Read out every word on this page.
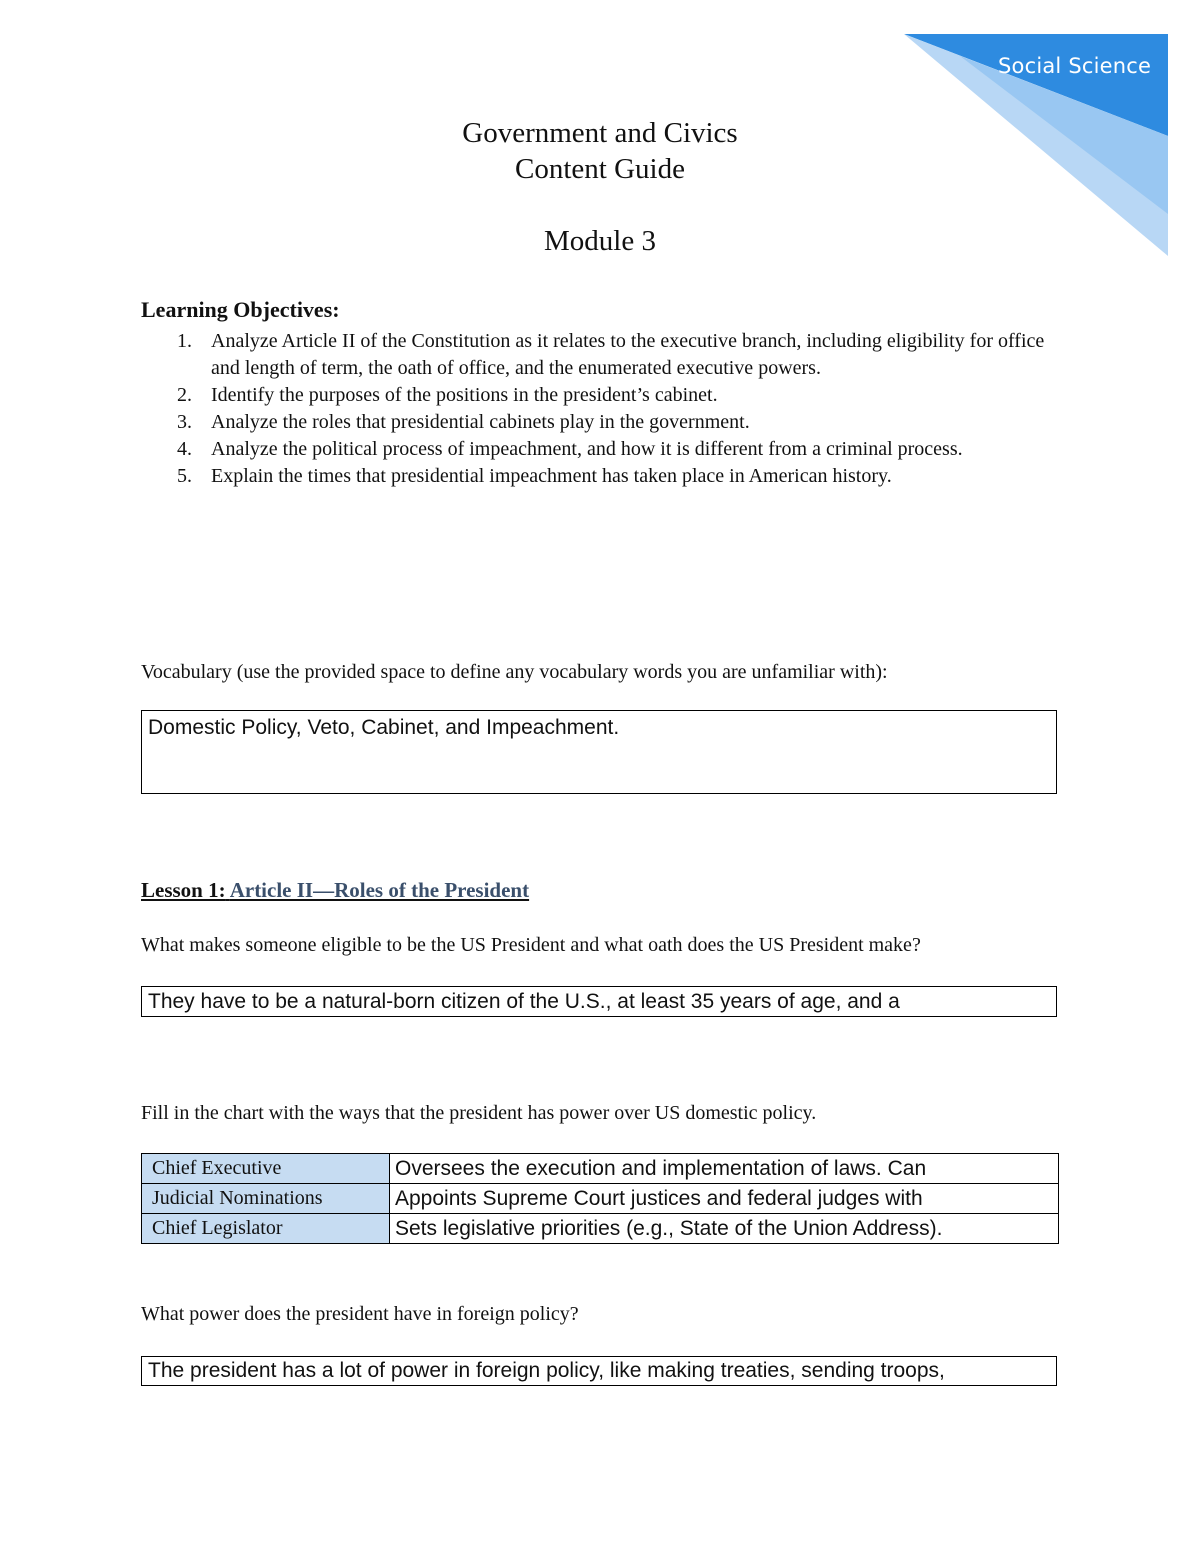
Social Science
Government and Civics
Content Guide
Module 3
Learning Objectives:
1. Analyze Article II of the Constitution as it relates to the executive branch, including eligibility for office and length of term, the oath of office, and the enumerated executive powers.
2. Identify the purposes of the positions in the president’s cabinet.
3. Analyze the roles that presidential cabinets play in the government.
4. Analyze the political process of impeachment, and how it is different from a criminal process.
5. Explain the times that presidential impeachment has taken place in American history.
Vocabulary (use the provided space to define any vocabulary words you are unfamiliar with):
Domestic Policy, Veto, Cabinet, and Impeachment.
Lesson 1: Article II—Roles of the President
What makes someone eligible to be the US President and what oath does the US President make?
They have to be a natural-born citizen of the U.S., at least 35 years of age, and a
Fill in the chart with the ways that the president has power over US domestic policy.
Chief Executive	Oversees the execution and implementation of laws. Can
Judicial Nominations	Appoints Supreme Court justices and federal judges with
Chief Legislator	Sets legislative priorities (e.g., State of the Union Address).
What power does the president have in foreign policy?
The president has a lot of power in foreign policy, like making treaties, sending troops,
